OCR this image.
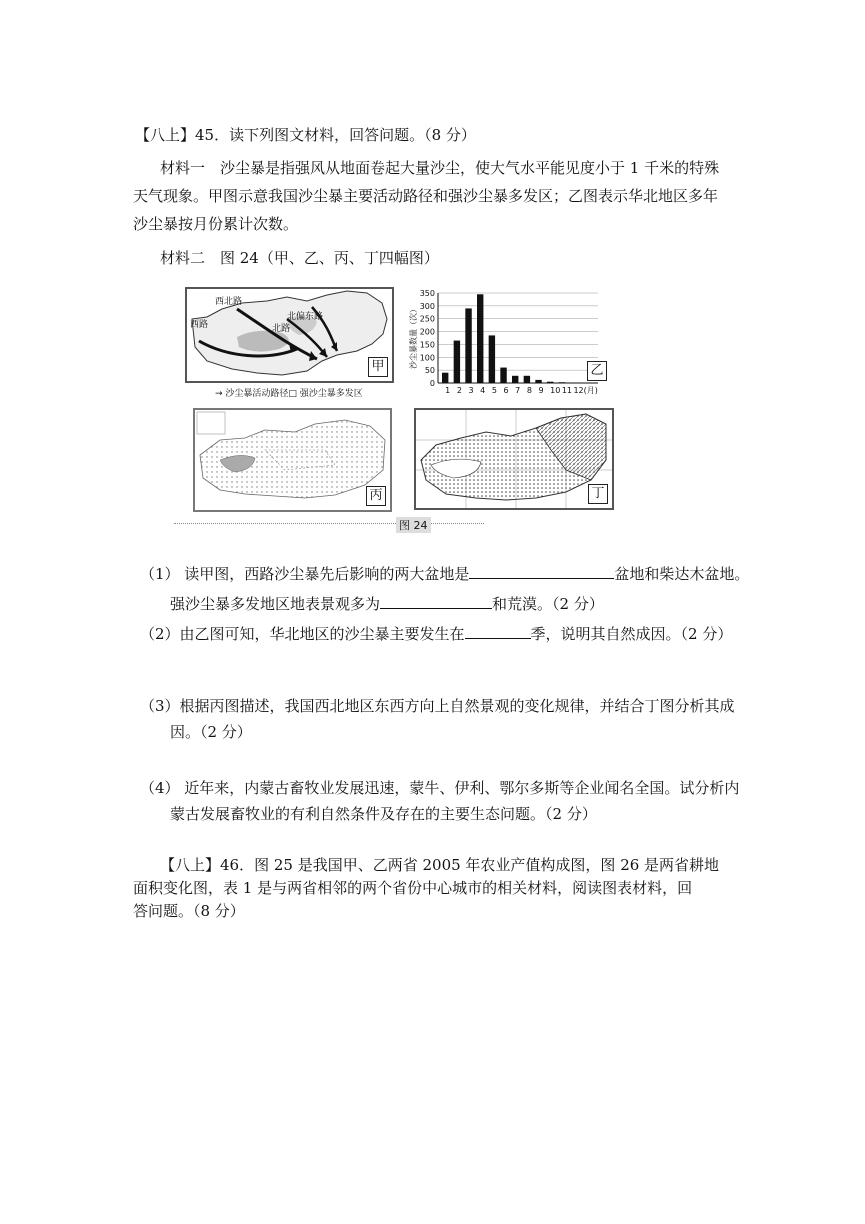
【八上】45．读下列图文材料，回答问题。（8 分）
材料一　沙尘暴是指强风从地面卷起大量沙尘，使大气水平能见度小于 1 千米的特殊
天气现象。甲图示意我国沙尘暴主要活动路径和强沙尘暴多发区；乙图表示华北地区多年
沙尘暴按月份累计次数。
材料二　图 24（甲、乙、丙、丁四幅图）
西北路
西路	北路
北偏东路
甲
→ 沙尘暴活动路径□ 强沙尘暴多发区
0
50
100
150
200
250
300
350
沙尘暴数量（次）
1 2 3 4 5 6 7 8 9 10 11 12(月)
乙
丙	丁
图 24
（1） 读甲图，西路沙尘暴先后影响的两大盆地是	盆地和柴达木盆地。
强沙尘暴多发地区地表景观多为	和荒漠。（2 分）
（2）由乙图可知，华北地区的沙尘暴主要发生在	季，说明其自然成因。（2 分）
（3）根据丙图描述，我国西北地区东西方向上自然景观的变化规律，并结合丁图分析其成
因。（2 分）
（4） 近年来，内蒙古畜牧业发展迅速，蒙牛、伊利、鄂尔多斯等企业闻名全国。试分析内
蒙古发展畜牧业的有利自然条件及存在的主要生态问题。（2 分）
【八上】46．图 25 是我国甲、乙两省 2005 年农业产值构成图，图 26 是两省耕地
面积变化图，表 1 是与两省相邻的两个省份中心城市的相关材料，阅读图表材料，回
答问题。（8 分）
